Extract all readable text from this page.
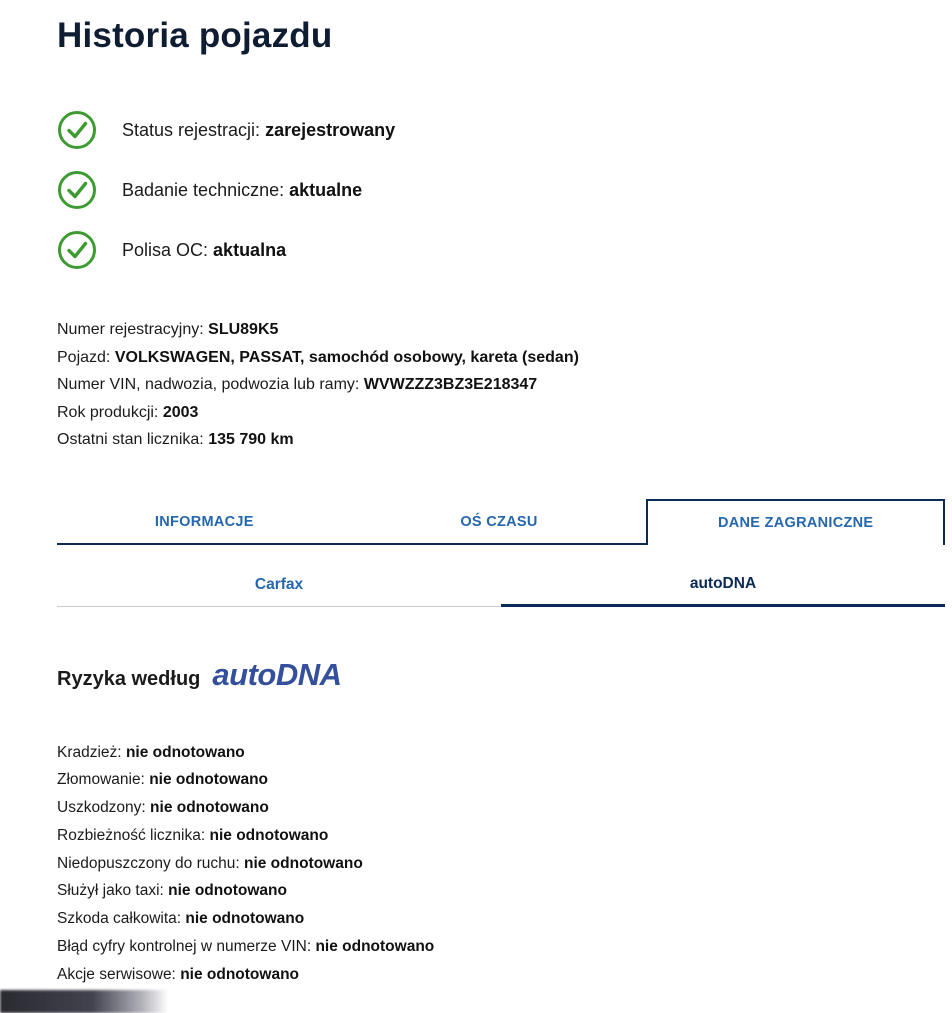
Historia pojazdu
Status rejestracji: zarejestrowany
Badanie techniczne: aktualne
Polisa OC: aktualna
Numer rejestracyjny: SLU89K5
Pojazd: VOLKSWAGEN, PASSAT, samochód osobowy, kareta (sedan)
Numer VIN, nadwozia, podwozia lub ramy: WVWZZZ3BZ3E218347
Rok produkcji: 2003
Ostatni stan licznika: 135 790 km
INFORMACJE	OŚ CZASU	DANE ZAGRANICZNE
Carfax	autoDNA
Ryzyka według autoDNA
Kradzież: nie odnotowano
Złomowanie: nie odnotowano
Uszkodzony: nie odnotowano
Rozbieżność licznika: nie odnotowano
Niedopuszczony do ruchu: nie odnotowano
Służył jako taxi: nie odnotowano
Szkoda całkowita: nie odnotowano
Błąd cyfry kontrolnej w numerze VIN: nie odnotowano
Akcje serwisowe: nie odnotowano
